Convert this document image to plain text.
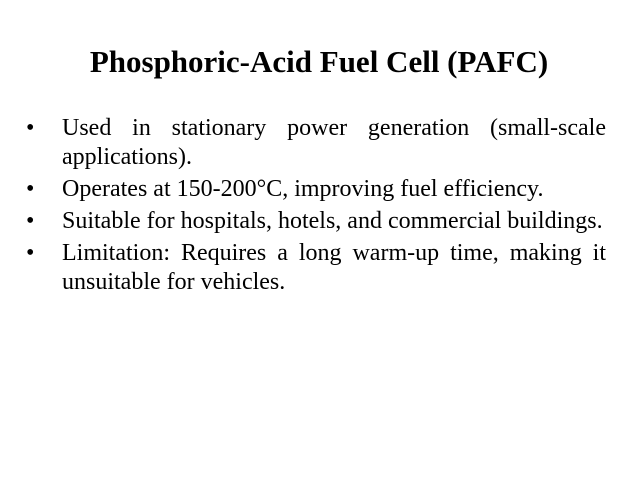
Phosphoric-Acid Fuel Cell (PAFC)
•	Used in stationary power generation (small-scale applications).
•	Operates at 150-200°C, improving fuel efficiency.
•	Suitable for hospitals, hotels, and commercial buildings.
•	Limitation: Requires a long warm-up time, making it unsuitable for vehicles.
